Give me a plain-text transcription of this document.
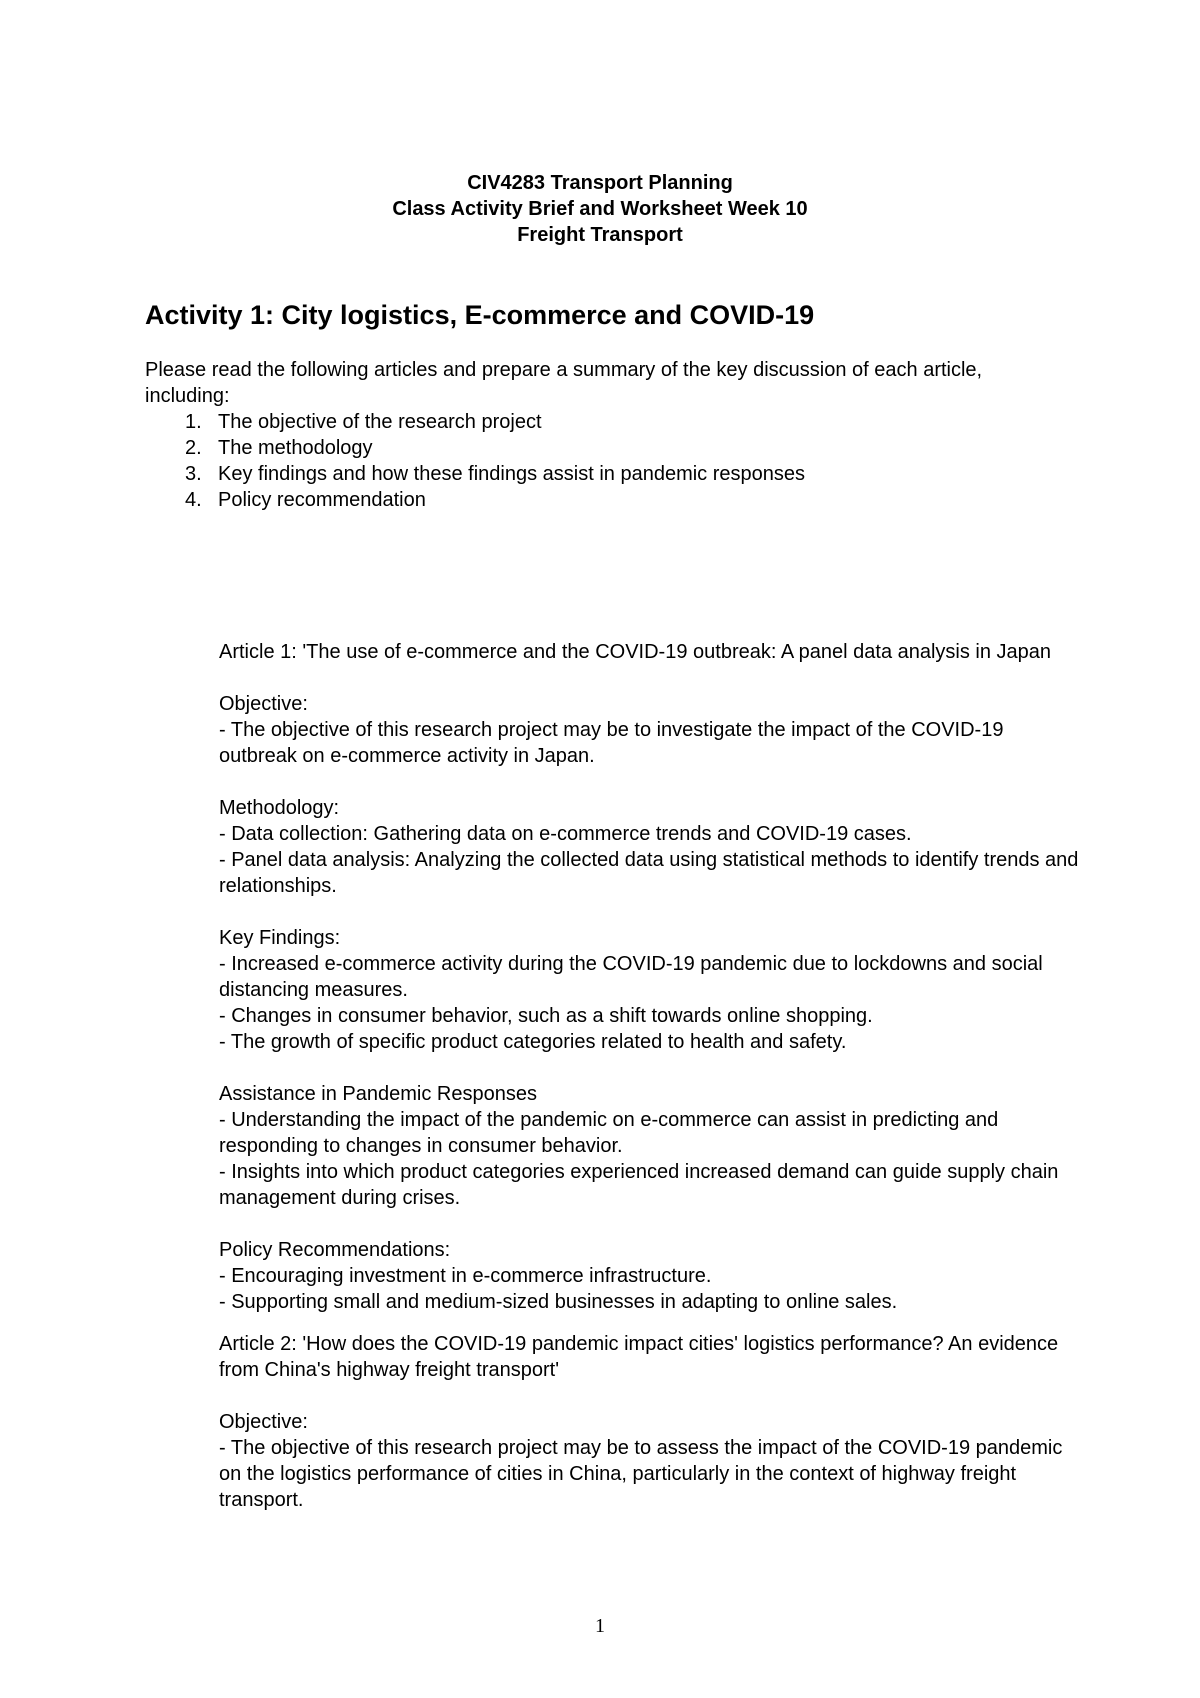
CIV4283 Transport Planning
Class Activity Brief and Worksheet Week 10
Freight Transport
Activity 1: City logistics, E-commerce and COVID-19

Please read the following articles and prepare a summary of the key discussion of each article, including:

1. The objective of the research project
2. The methodology
3. Key findings and how these findings assist in pandemic responses
4. Policy recommendation

Article 1: 'The use of e-commerce and the COVID-19 outbreak: A panel data analysis in Japan

Objective:

- The objective of this research project may be to investigate the impact of the COVID-19 outbreak on e-commerce activity in Japan.

Methodology:

- Data collection: Gathering data on e-commerce trends and COVID-19 cases.

- Panel data analysis: Analyzing the collected data using statistical methods to identify trends and relationships.

Key Findings:

- Increased e-commerce activity during the COVID-19 pandemic due to lockdowns and social distancing measures.

- Changes in consumer behavior, such as a shift towards online shopping.

- The growth of specific product categories related to health and safety.

Assistance in Pandemic Responses

- Understanding the impact of the pandemic on e-commerce can assist in predicting and responding to changes in consumer behavior.

- Insights into which product categories experienced increased demand can guide supply chain management during crises.

Policy Recommendations:

- Encouraging investment in e-commerce infrastructure.

- Supporting small and medium-sized businesses in adapting to online sales.

Article 2: 'How does the COVID-19 pandemic impact cities' logistics performance? An evidence from China's highway freight transport'

Objective:

- The objective of this research project may be to assess the impact of the COVID-19 pandemic on the logistics performance of cities in China, particularly in the context of highway freight transport.

1
